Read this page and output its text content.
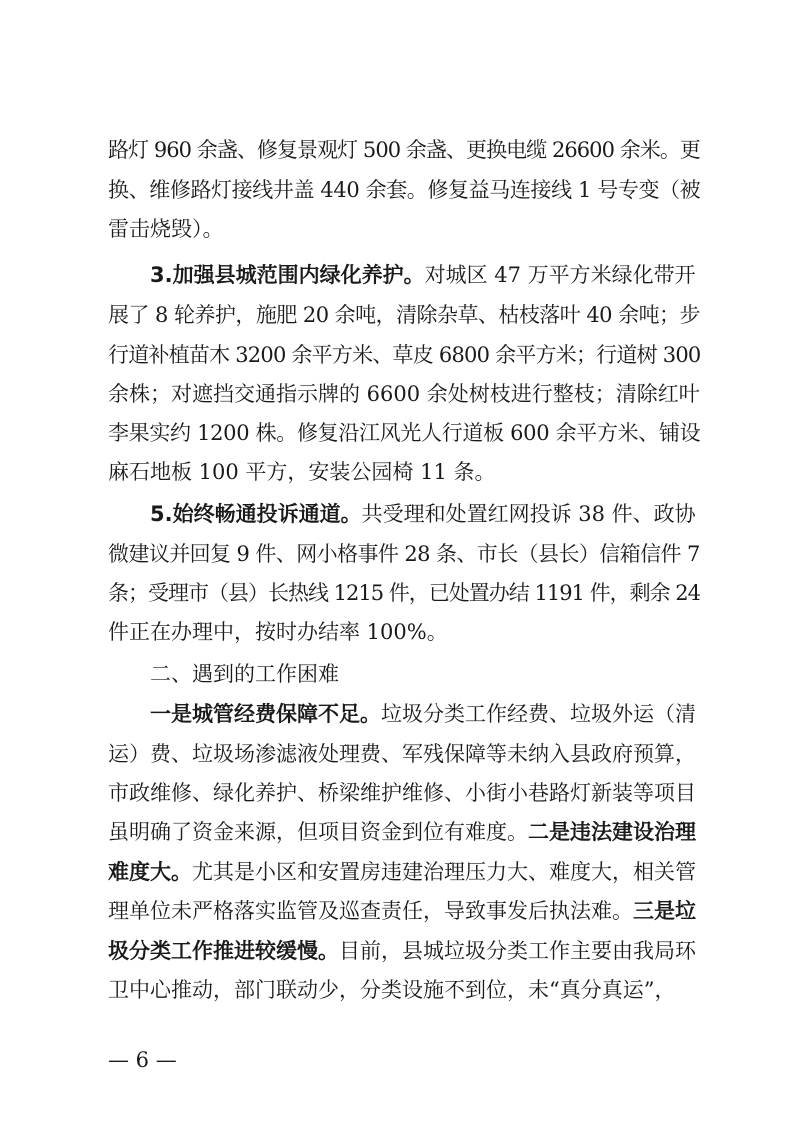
路灯 960 余盏、修复景观灯 500 余盏、更换电缆 26600 余米。更
换、维修路灯接线井盖 440 余套。修复益马连接线 1 号专变（被
雷击烧毁）。
3.加强县城范围内绿化养护。对城区 47 万平方米绿化带开
展了 8 轮养护，施肥 20 余吨，清除杂草、枯枝落叶 40 余吨；步
行道补植苗木 3200 余平方米、草皮 6800 余平方米；行道树 300
余株；对遮挡交通指示牌的 6600 余处树枝进行整枝；清除红叶
李果实约 1200 株。修复沿江风光人行道板 600 余平方米、铺设
麻石地板 100 平方，安装公园椅 11 条。
5.始终畅通投诉通道。共受理和处置红网投诉 38 件、政协
微建议并回复 9 件、网小格事件 28 条、市长（县长）信箱信件 7
条；受理市（县）长热线 1215 件，已处置办结 1191 件，剩余 24
件正在办理中，按时办结率 100%。
二、遇到的工作困难
一是城管经费保障不足。垃圾分类工作经费、垃圾外运（清
运）费、垃圾场渗滤液处理费、军残保障等未纳入县政府预算，
市政维修、绿化养护、桥梁维护维修、小街小巷路灯新装等项目
虽明确了资金来源，但项目资金到位有难度。二是违法建设治理
难度大。尤其是小区和安置房违建治理压力大、难度大，相关管
理单位未严格落实监管及巡查责任，导致事发后执法难。三是垃
圾分类工作推进较缓慢。目前，县城垃圾分类工作主要由我局环
卫中心推动，部门联动少，分类设施不到位，未“真分真运”，
— 6 —
